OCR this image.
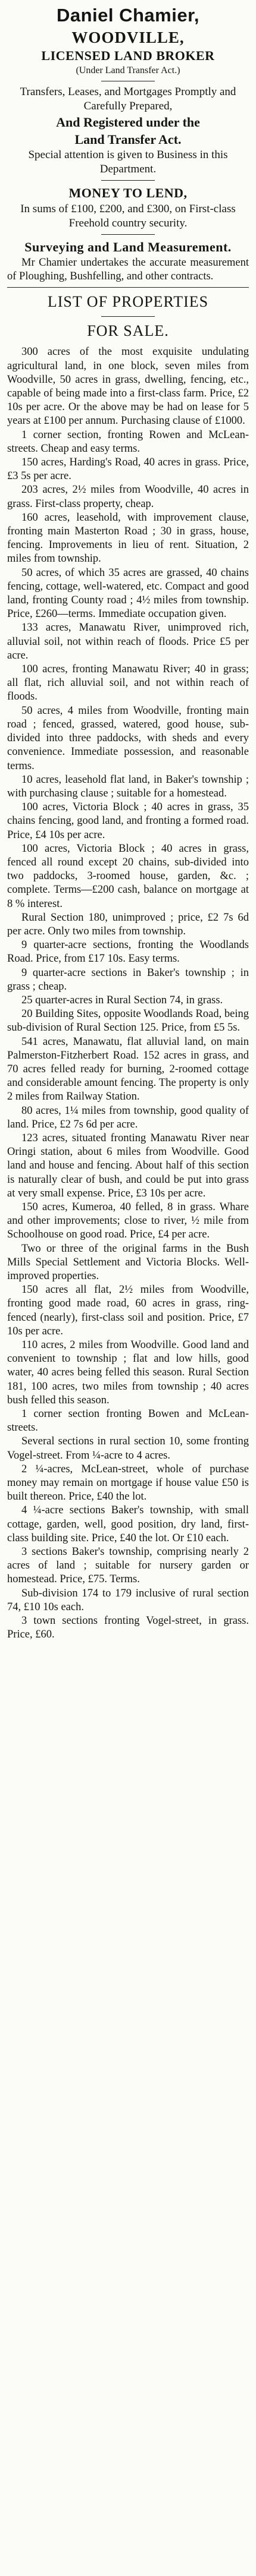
Daniel Chamier,
WOODVILLE,
LICENSED LAND BROKER
(Under Land Transfer Act.)
Transfers, Leases, and Mortgages Promptly and Carefully Prepared,
And Registered under the
Land Transfer Act.
Special attention is given to Business in this Department.
MONEY TO LEND,
In sums of £100, £200, and £300, on First-class Freehold country security.
Surveying and Land Measurement.

Mr Chamier undertakes the accurate measurement of Ploughing, Bushfelling, and other contracts.

LIST OF PROPERTIES
FOR SALE.

300 acres of the most exquisite undulating agricultural land, in one block, seven miles from Woodville, 50 acres in grass, dwelling, fencing, etc., capable of being made into a first-class farm. Price, £2 10s per acre. Or the above may be had on lease for 5 years at £100 per annum. Purchasing clause of £1000.

1 corner section, fronting Rowen and McLean-streets. Cheap and easy terms.

150 acres, Harding's Road, 40 acres in grass. Price, £3 5s per acre.

203 acres, 2½ miles from Woodville, 40 acres in grass. First-class property, cheap.

160 acres, leasehold, with improvement clause, fronting main Masterton Road ; 30 in grass, house, fencing. Improvements in lieu of rent. Situation, 2 miles from township.

50 acres, of which 35 acres are grassed, 40 chains fencing, cottage, well-watered, etc. Compact and good land, fronting County road ; 4½ miles from township. Price, £260—terms. Immediate occupation given.

133 acres, Manawatu River, unimproved rich, alluvial soil, not within reach of floods. Price £5 per acre.

100 acres, fronting Manawatu River; 40 in grass; all flat, rich alluvial soil, and not within reach of floods.

50 acres, 4 miles from Woodville, fronting main road ; fenced, grassed, watered, good house, sub-divided into three paddocks, with sheds and every convenience. Immediate possession, and reasonable terms.

10 acres, leasehold flat land, in Baker's township ; with purchasing clause ; suitable for a homestead.

100 acres, Victoria Block ; 40 acres in grass, 35 chains fencing, good land, and fronting a formed road. Price, £4 10s per acre.

100 acres, Victoria Block ; 40 acres in grass, fenced all round except 20 chains, sub-divided into two paddocks, 3-roomed house, garden, &c. ; complete. Terms—£200 cash, balance on mortgage at 8 % interest.

Rural Section 180, unimproved ; price, £2 7s 6d per acre. Only two miles from township.

9 quarter-acre sections, fronting the Woodlands Road. Price, from £17 10s. Easy terms.

9 quarter-acre sections in Baker's township ; in grass ; cheap.

25 quarter-acres in Rural Section 74, in grass.

20 Building Sites, opposite Woodlands Road, being sub-division of Rural Section 125. Price, from £5 5s.

541 acres, Manawatu, flat alluvial land, on main Palmerston-Fitzherbert Road. 152 acres in grass, and 70 acres felled ready for burning, 2-roomed cottage and considerable amount fencing. The property is only 2 miles from Railway Station.

80 acres, 1¼ miles from township, good quality of land. Price, £2 7s 6d per acre.

123 acres, situated fronting Manawatu River near Oringi station, about 6 miles from Woodville. Good land and house and fencing. About half of this section is naturally clear of bush, and could be put into grass at very small expense. Price, £3 10s per acre.

150 acres, Kumeroa, 40 felled, 8 in grass. Whare and other improvements; close to river, ½ mile from Schoolhouse on good road. Price, £4 per acre.

Two or three of the original farms in the Bush Mills Special Settlement and Victoria Blocks. Well-improved properties.

150 acres all flat, 2½ miles from Woodville, fronting good made road, 60 acres in grass, ring-fenced (nearly), first-class soil and position. Price, £7 10s per acre.

110 acres, 2 miles from Woodville. Good land and convenient to township ; flat and low hills, good water, 40 acres being felled this season. Rural Section 181, 100 acres, two miles from township ; 40 acres bush felled this season.

1 corner section fronting Bowen and McLean-streets.

Several sections in rural section 10, some fronting Vogel-street. From ¼-acre to 4 acres.

2 ¼-acres, McLean-street, whole of purchase money may remain on mortgage if house value £50 is built thereon. Price, £40 the lot.

4 ¼-acre sections Baker's township, with small cottage, garden, well, good position, dry land, first-class building site. Price, £40 the lot. Or £10 each.

3 sections Baker's township, comprising nearly 2 acres of land ; suitable for nursery garden or homestead. Price, £75. Terms.

Sub-division 174 to 179 inclusive of rural section 74, £10 10s each.

3 town sections fronting Vogel-street, in grass. Price, £60.
